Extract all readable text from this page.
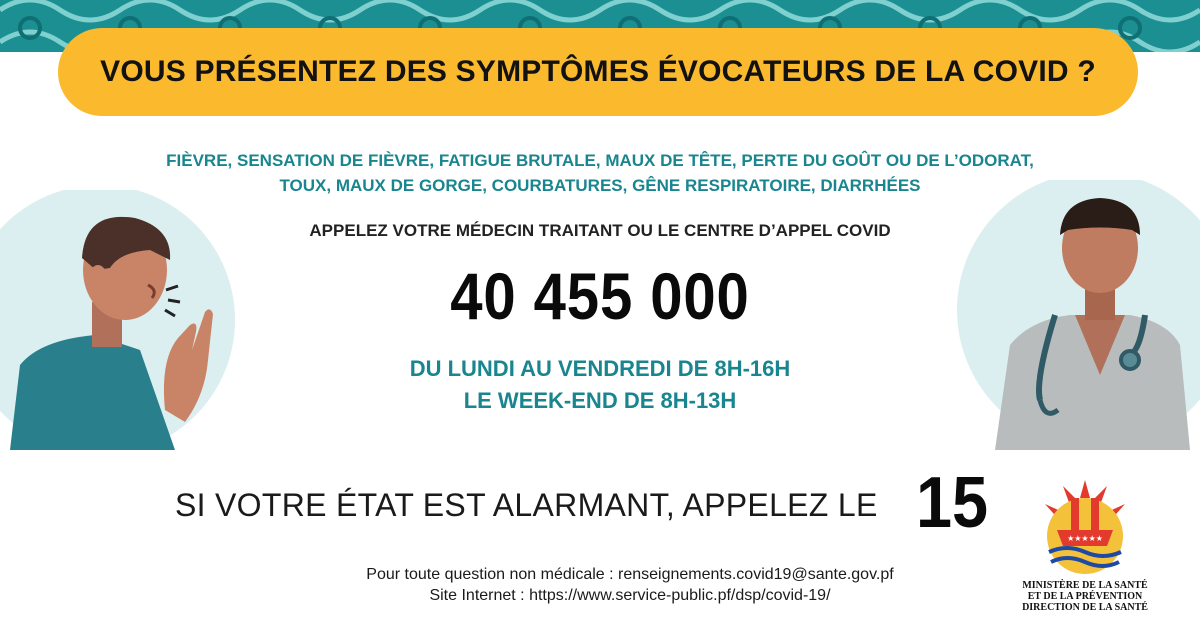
VOUS PRÉSENTEZ DES SYMPTÔMES ÉVOCATEURS DE LA COVID ?
FIÈVRE, SENSATION DE FIÈVRE, FATIGUE BRUTALE, MAUX DE TÊTE, PERTE DU GOÛT OU DE L’ODORAT,
TOUX, MAUX DE GORGE, COURBATURES, GÊNE RESPIRATOIRE, DIARRHÉES
APPELEZ VOTRE MÉDECIN TRAITANT OU LE CENTRE D’APPEL COVID
40 455 000
DU LUNDI AU VENDREDI DE 8H-16H
LE WEEK-END DE 8H-13H
SI VOTRE ÉTAT EST ALARMANT, APPELEZ LE 15
Pour toute question non médicale : renseignements.covid19@sante.gov.pf
Site Internet : https://www.service-public.pf/dsp/covid-19/
★★★★★
MINISTÈRE DE LA SANTÉ
ET DE LA PRÉVENTION
DIRECTION DE LA SANTÉ
